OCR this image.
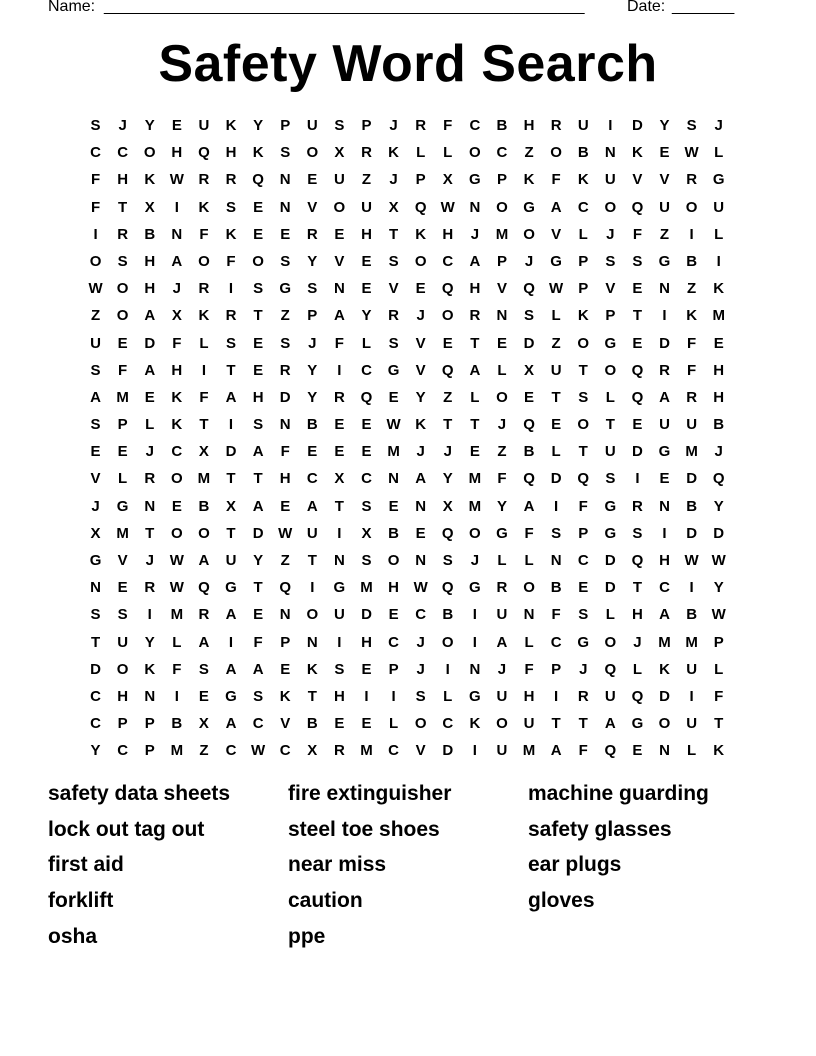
Name: ______________________________________________________	Date: _______
Safety Word Search
S	J	Y	E	U	K	Y	P	U	S	P	J	R	F	C	B	H	R	U	I	D	Y	S	J
C	C	O	H	Q	H	K	S	O	X	R	K	L	L	O	C	Z	O	B	N	K	E	W	L
F	H	K W R	R	Q	N	E	U	Z	J	P	X	G	P	K	F	K	U	V	V	R	G
F	T	X	I	K	S	E	N	V	O	U	X	Q W N	O	G	A	C	O	Q	U	O	U
I	R	B	N	F	K	E	E	R	E	H	T	K	H	J	M	O	V	L	J	F	Z	I	L
O	S	H	A	O	F	O	S	Y	V	E	S	O	C	A	P	J	G	P	S	S	G	B	I
W O	H	J	R	I	S	G	S	N	E	V	E	Q	H	V	Q W	P	V	E	N	Z	K
Z	O	A	X	K	R	T	Z	P	A	Y	R	J	O	R	N	S	L	K	P	T	I	K	M
U	E	D	F	L	S	E	S	J	F	L	S	V	E	T	E	D	Z	O	G	E	D	F	E
S	F	A	H	I	T	E	R	Y	I	C	G	V	Q	A	L	X	U	T	O	Q	R	F	H
A	M	E	K	F	A	H	D	Y	R	Q	E	Y	Z	L	O	E	T	S	L	Q	A	R	H
S	P	L	K	T	I	S	N	B	E	E	W K	T	T	J	Q	E	O	T	E	U	U	B
E	E	J	C	X	D	A	F	E	E	E	M	J	J	E	Z	B	L	T	U	D	G	M	J
V	L	R	O	M	T	T	H	C	X	C	N	A	Y	M	F	Q	D	Q	S	I	E	D	Q
J	G	N	E	B	X	A	E	A	T	S	E	N	X	M	Y	A	I	F	G	R	N	B	Y
X	M	T	O	O	T	D W U	I	X	B	E	Q	O	G	F	S	P	G	S	I	D	D
G	V	J	W A	U	Y	Z	T	N	S	O	N	S	J	L	L	N	C	D	Q	H W W
N	E	R W Q	G	T	Q	I	G	M	H W Q	G	R	O	B	E	D	T	C	I	Y
S	S	I	M	R	A	E	N	O	U	D	E	C	B	I	U	N	F	S	L	H	A	B W
T	U	Y	L	A	I	F	P	N	I	H	C	J	O	I	A	L	C	G	O	J	M M	P
D	O	K	F	S	A	A	E	K	S	E	P	J	I	N	J	F	P	J	Q	L	K	U	L
C	H	N	I	E	G	S	K	T	H	I	I	S	L	G	U	H	I	R	U	Q	D	I	F
C	P	P	B	X	A	C	V	B	E	E	L	O	C	K	O	U	T	T	A	G	O	U	T
Y	C	P	M	Z	C W C	X	R	M	C	V	D	I	U	M	A	F	Q	E	N	L	K
safety data sheets
lock out tag out
first aid
forklift
osha
fire extinguisher
steel toe shoes
near miss
caution
ppe
machine guarding
safety glasses
ear plugs
gloves
